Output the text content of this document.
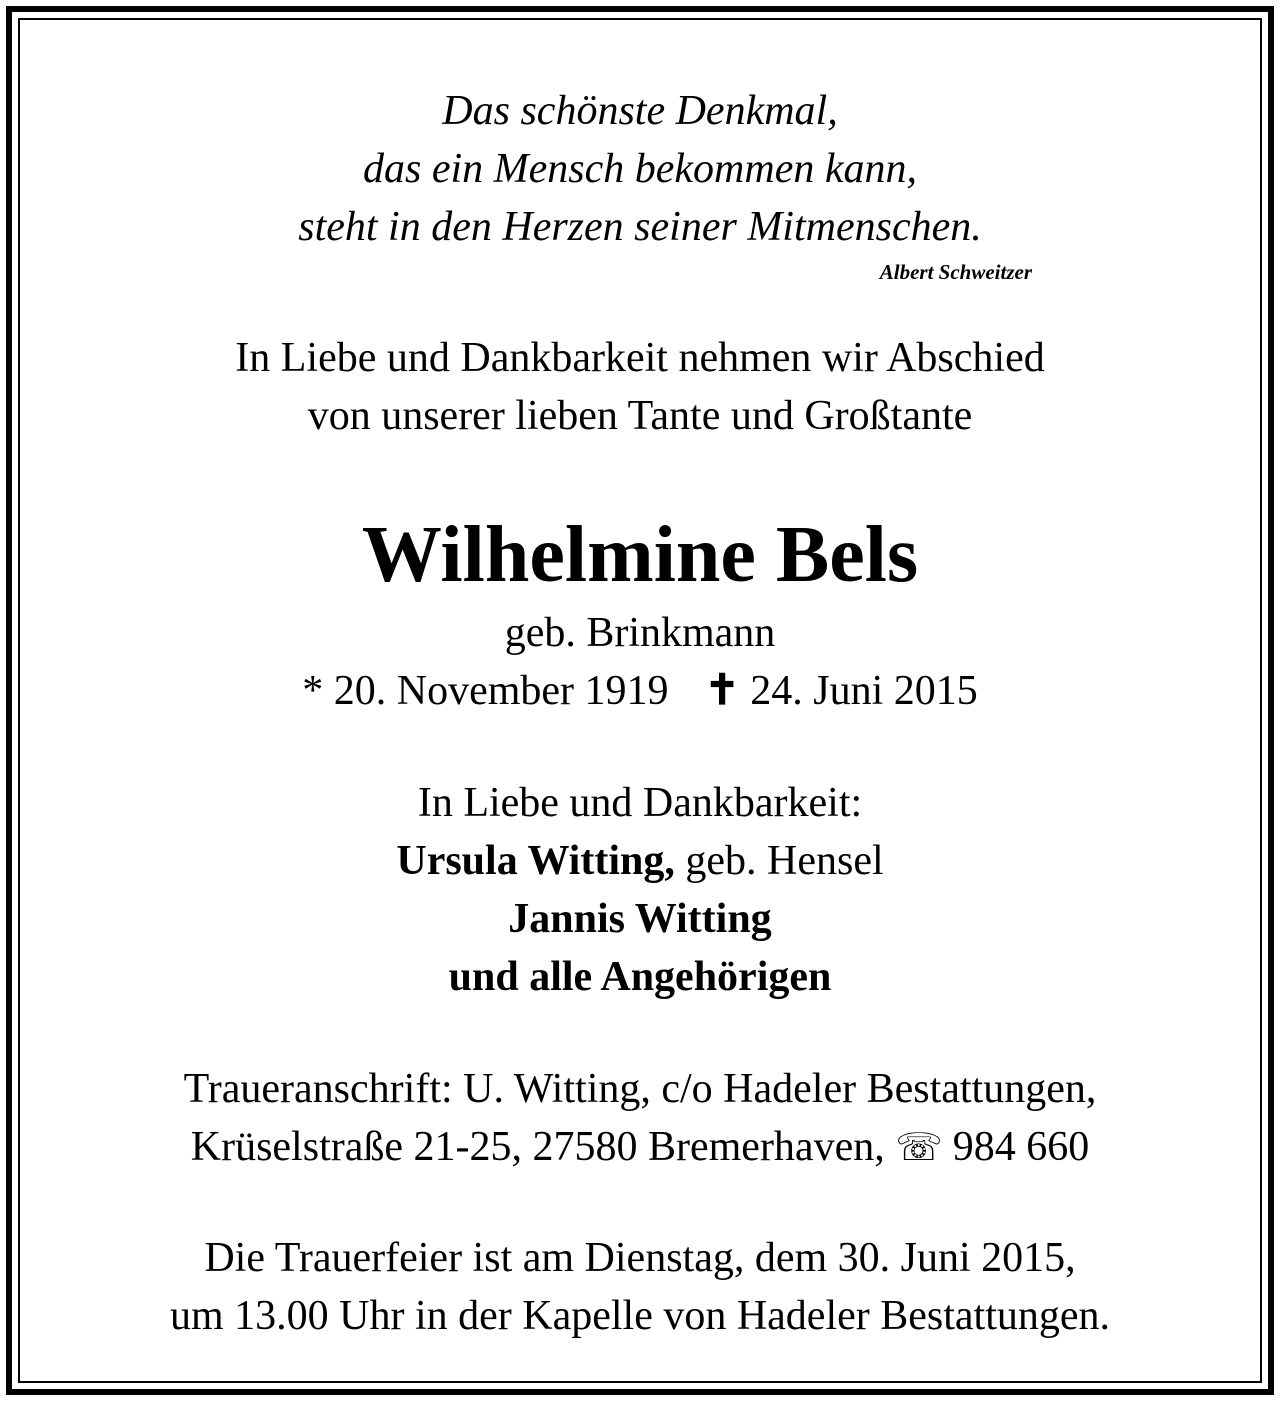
Das schönste Denkmal,
das ein Mensch bekommen kann,
steht in den Herzen seiner Mitmenschen.
Albert Schweitzer
In Liebe und Dankbarkeit nehmen wir Abschied
von unserer lieben Tante und Großtante
Wilhelmine Bels
geb. Brinkmann
* 20. November 1919 ✝ 24. Juni 2015
In Liebe und Dankbarkeit:
Ursula Witting, geb. Hensel
Jannis Witting
und alle Angehörigen
Traueranschrift: U. Witting, c/o Hadeler Bestattungen,
Krüselstraße 21-25, 27580 Bremerhaven, ☏ 984 660
Die Trauerfeier ist am Dienstag, dem 30. Juni 2015,
um 13.00 Uhr in der Kapelle von Hadeler Bestattungen.
